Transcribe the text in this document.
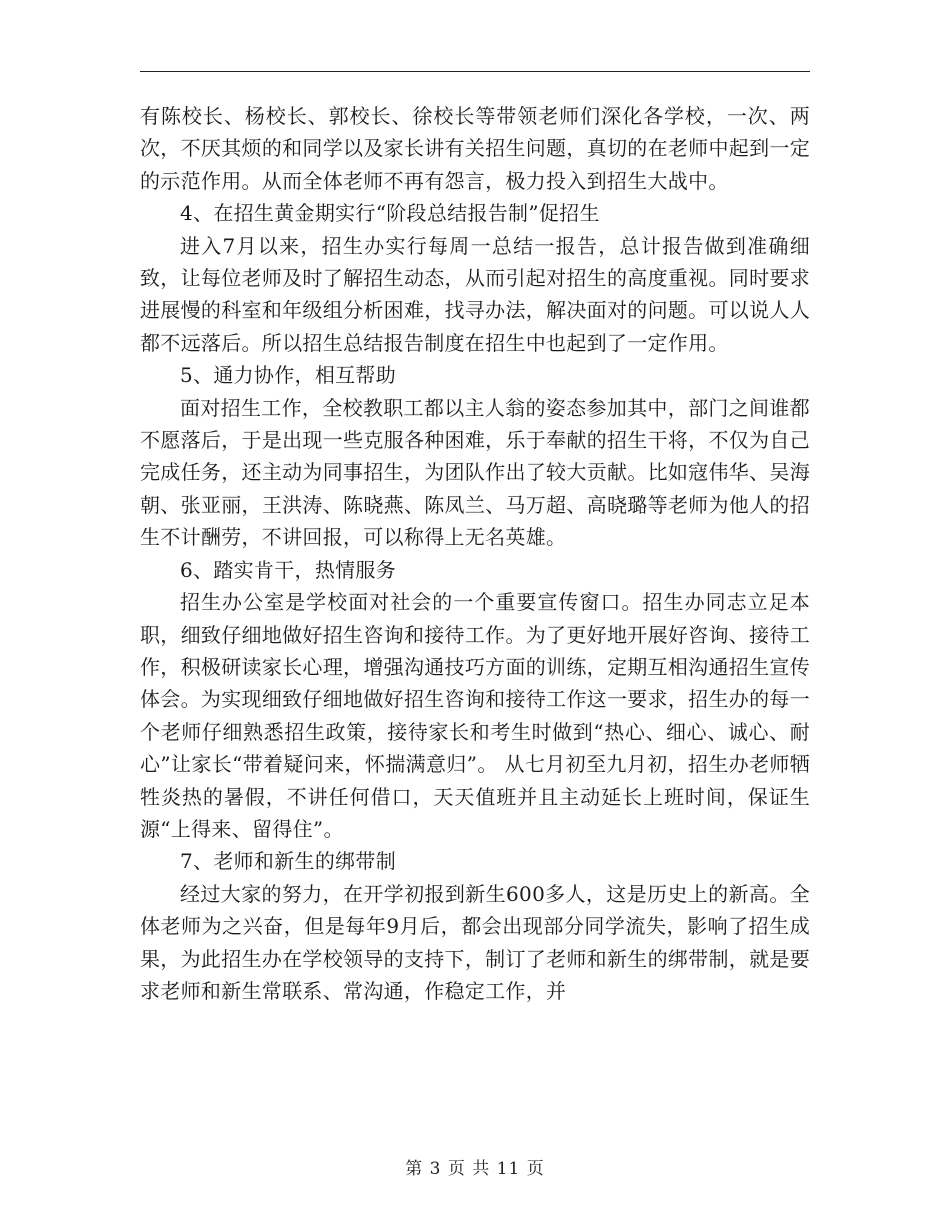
有陈校长、杨校长、郭校长、徐校长等带领老师们深化各学校，一次、两次，不厌其烦的和同学以及家长讲有关招生问题，真切的在老师中起到一定的示范作用。从而全体老师不再有怨言，极力投入到招生大战中。

4、在招生黄金期实行“阶段总结报告制”促招生

进入7月以来，招生办实行每周一总结一报告，总计报告做到准确细致，让每位老师及时了解招生动态，从而引起对招生的高度重视。同时要求进展慢的科室和年级组分析困难，找寻办法，解决面对的问题。可以说人人都不远落后。所以招生总结报告制度在招生中也起到了一定作用。

5、通力协作，相互帮助

面对招生工作，全校教职工都以主人翁的姿态参加其中，部门之间谁都不愿落后，于是出现一些克服各种困难，乐于奉献的招生干将，不仅为自己完成任务，还主动为同事招生，为团队作出了较大贡献。比如寇伟华、吴海朝、张亚丽，王洪涛、陈晓燕、陈凤兰、马万超、高晓璐等老师为他人的招生不计酬劳，不讲回报，可以称得上无名英雄。

6、踏实肯干，热情服务

招生办公室是学校面对社会的一个重要宣传窗口。招生办同志立足本职，细致仔细地做好招生咨询和接待工作。为了更好地开展好咨询、接待工作，积极研读家长心理，增强沟通技巧方面的训练，定期互相沟通招生宣传体会。为实现细致仔细地做好招生咨询和接待工作这一要求，招生办的每一个老师仔细熟悉招生政策，接待家长和考生时做到“热心、细心、诚心、耐心”让家长“带着疑问来，怀揣满意归”。 从七月初至九月初，招生办老师牺牲炎热的暑假，不讲任何借口，天天值班并且主动延长上班时间，保证生源“上得来、留得住”。

7、老师和新生的绑带制

经过大家的努力，在开学初报到新生600多人，这是历史上的新高。全体老师为之兴奋，但是每年9月后，都会出现部分同学流失，影响了招生成果，为此招生办在学校领导的支持下，制订了老师和新生的绑带制，就是要求老师和新生常联系、常沟通，作稳定工作，并

第 3 页 共 11 页
